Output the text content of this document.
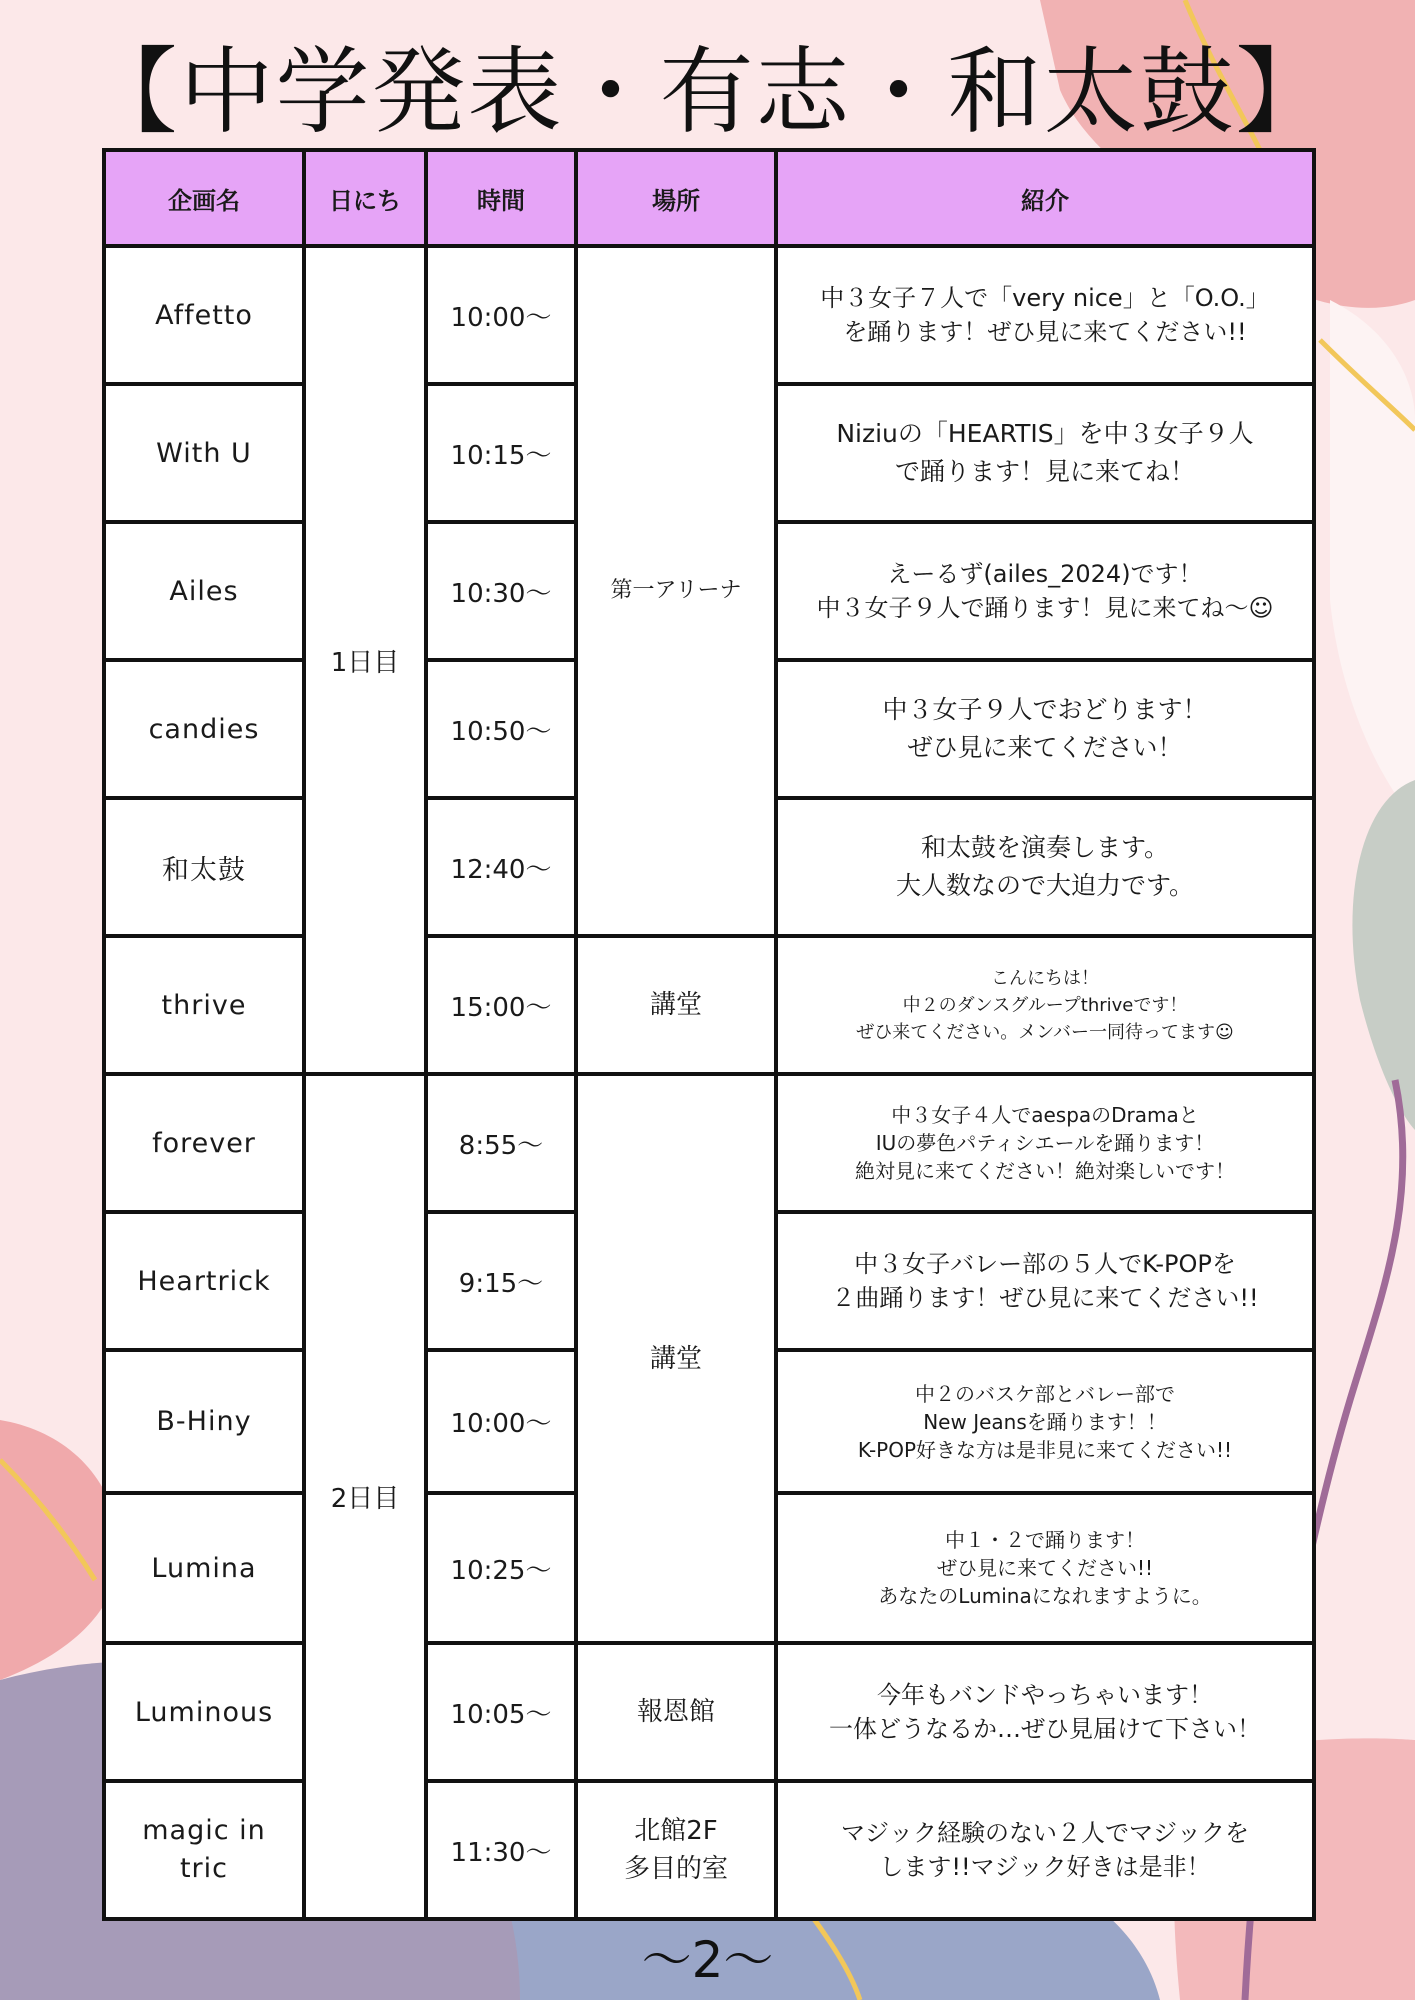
【中学発表・有志・和太鼓】
企画名	日にち	時間	場所	紹介
Affetto	1日目	10:00〜	第一アリーナ	中３女子７人で「very nice」と「O.O.」
を踊ります！ぜひ見に来てください!!
With U		10:15〜		Niziuの「HEARTIS」を中３女子９人
で踊ります！見に来てね！
Ailes		10:30〜		えーるず(ailes_2024)です！
中３女子９人で踊ります！見に来てね〜☺
candies		10:50〜		中３女子９人でおどります！
ぜひ見に来てください！
和太鼓		12:40〜		和太鼓を演奏します。
大人数なので大迫力です。
thrive		15:00〜	講堂	こんにちは！
中２のダンスグループthriveです！
ぜひ来てください。メンバー一同待ってます☺
forever	2日目	8:55〜	講堂	中３女子４人でaespaのDramaと
IUの夢色パティシエールを踊ります！
絶対見に来てください！絶対楽しいです！
Heartrick		9:15〜		中３女子バレー部の５人でK-POPを
２曲踊ります！ぜひ見に来てください!!
B-Hiny		10:00〜		中２のバスケ部とバレー部で
New Jeansを踊ります！！
K-POP好きな方は是非見に来てください!!
Lumina		10:25〜		中１・２で踊ります！
ぜひ見に来てください!!
あなたのLuminaになれますように。
Luminous		10:05〜	報恩館	今年もバンドやっちゃいます！
一体どうなるか…ぜひ見届けて下さい！
magic in tric		11:30〜	北館2F
多目的室	マジック経験のない２人でマジックを
します!!マジック好きは是非！
〜2〜
